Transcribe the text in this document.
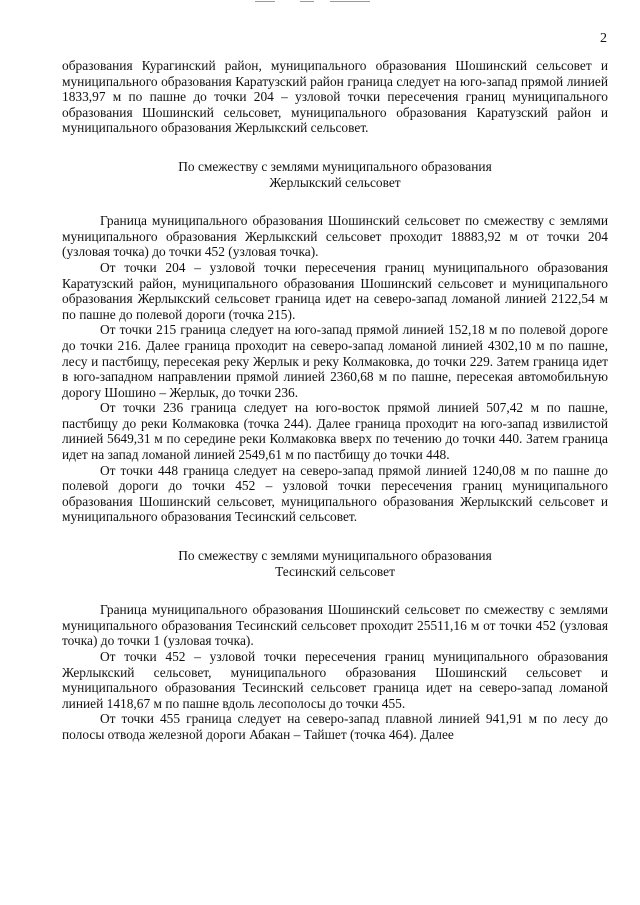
2

образования Курагинский район, муниципального образования Шошинский сельсовет и муниципального образования Каратузский район граница следует на юго-запад прямой линией 1833,97 м по пашне до точки 204 – узловой точки пересечения границ муниципального образования Шошинский сельсовет, муниципального образования Каратузский район и муниципального образования Жерлыкский сельсовет.

По смежеству с землями муниципального образования
Жерлыкский сельсовет

Граница муниципального образования Шошинский сельсовет по смежеству с землями муниципального образования Жерлыкский сельсовет проходит 18883,92 м от точки 204 (узловая точка) до точки 452 (узловая точка).

От точки 204 – узловой точки пересечения границ муниципального образования Каратузский район, муниципального образования Шошинский сельсовет и муниципального образования Жерлыкский сельсовет граница идет на северо-запад ломаной линией 2122,54 м по пашне до полевой дороги (точка 215).

От точки 215 граница следует на юго-запад прямой линией 152,18 м по полевой дороге до точки 216. Далее граница проходит на северо-запад ломаной линией 4302,10 м по пашне, лесу и пастбищу, пересекая реку Жерлык и реку Колмаковка, до точки 229. Затем граница идет в юго-западном направлении прямой линией 2360,68 м по пашне, пересекая автомобильную дорогу Шошино – Жерлык, до точки 236.

От точки 236 граница следует на юго-восток прямой линией 507,42 м по пашне, пастбищу до реки Колмаковка (точка 244). Далее граница проходит на юго-запад извилистой линией 5649,31 м по середине реки Колмаковка вверх по течению до точки 440. Затем граница идет на запад ломаной линией 2549,61 м по пастбищу до точки 448.

От точки 448 граница следует на северо-запад прямой линией 1240,08 м по пашне до полевой дороги до точки 452 – узловой точки пересечения границ муниципального образования Шошинский сельсовет, муниципального образования Жерлыкский сельсовет и муниципального образования Тесинский сельсовет.

По смежеству с землями муниципального образования
Тесинский сельсовет

Граница муниципального образования Шошинский сельсовет по смежеству с землями муниципального образования Тесинский сельсовет проходит 25511,16 м от точки 452 (узловая точка) до точки 1 (узловая точка).

От точки 452 – узловой точки пересечения границ муниципального образования Жерлыкский сельсовет, муниципального образования Шошинский сельсовет и муниципального образования Тесинский сельсовет граница идет на северо-запад ломаной линией 1418,67 м по пашне вдоль лесополосы до точки 455.

От точки 455 граница следует на северо-запад плавной линией 941,91 м по лесу до полосы отвода железной дороги Абакан – Тайшет (точка 464). Далее
